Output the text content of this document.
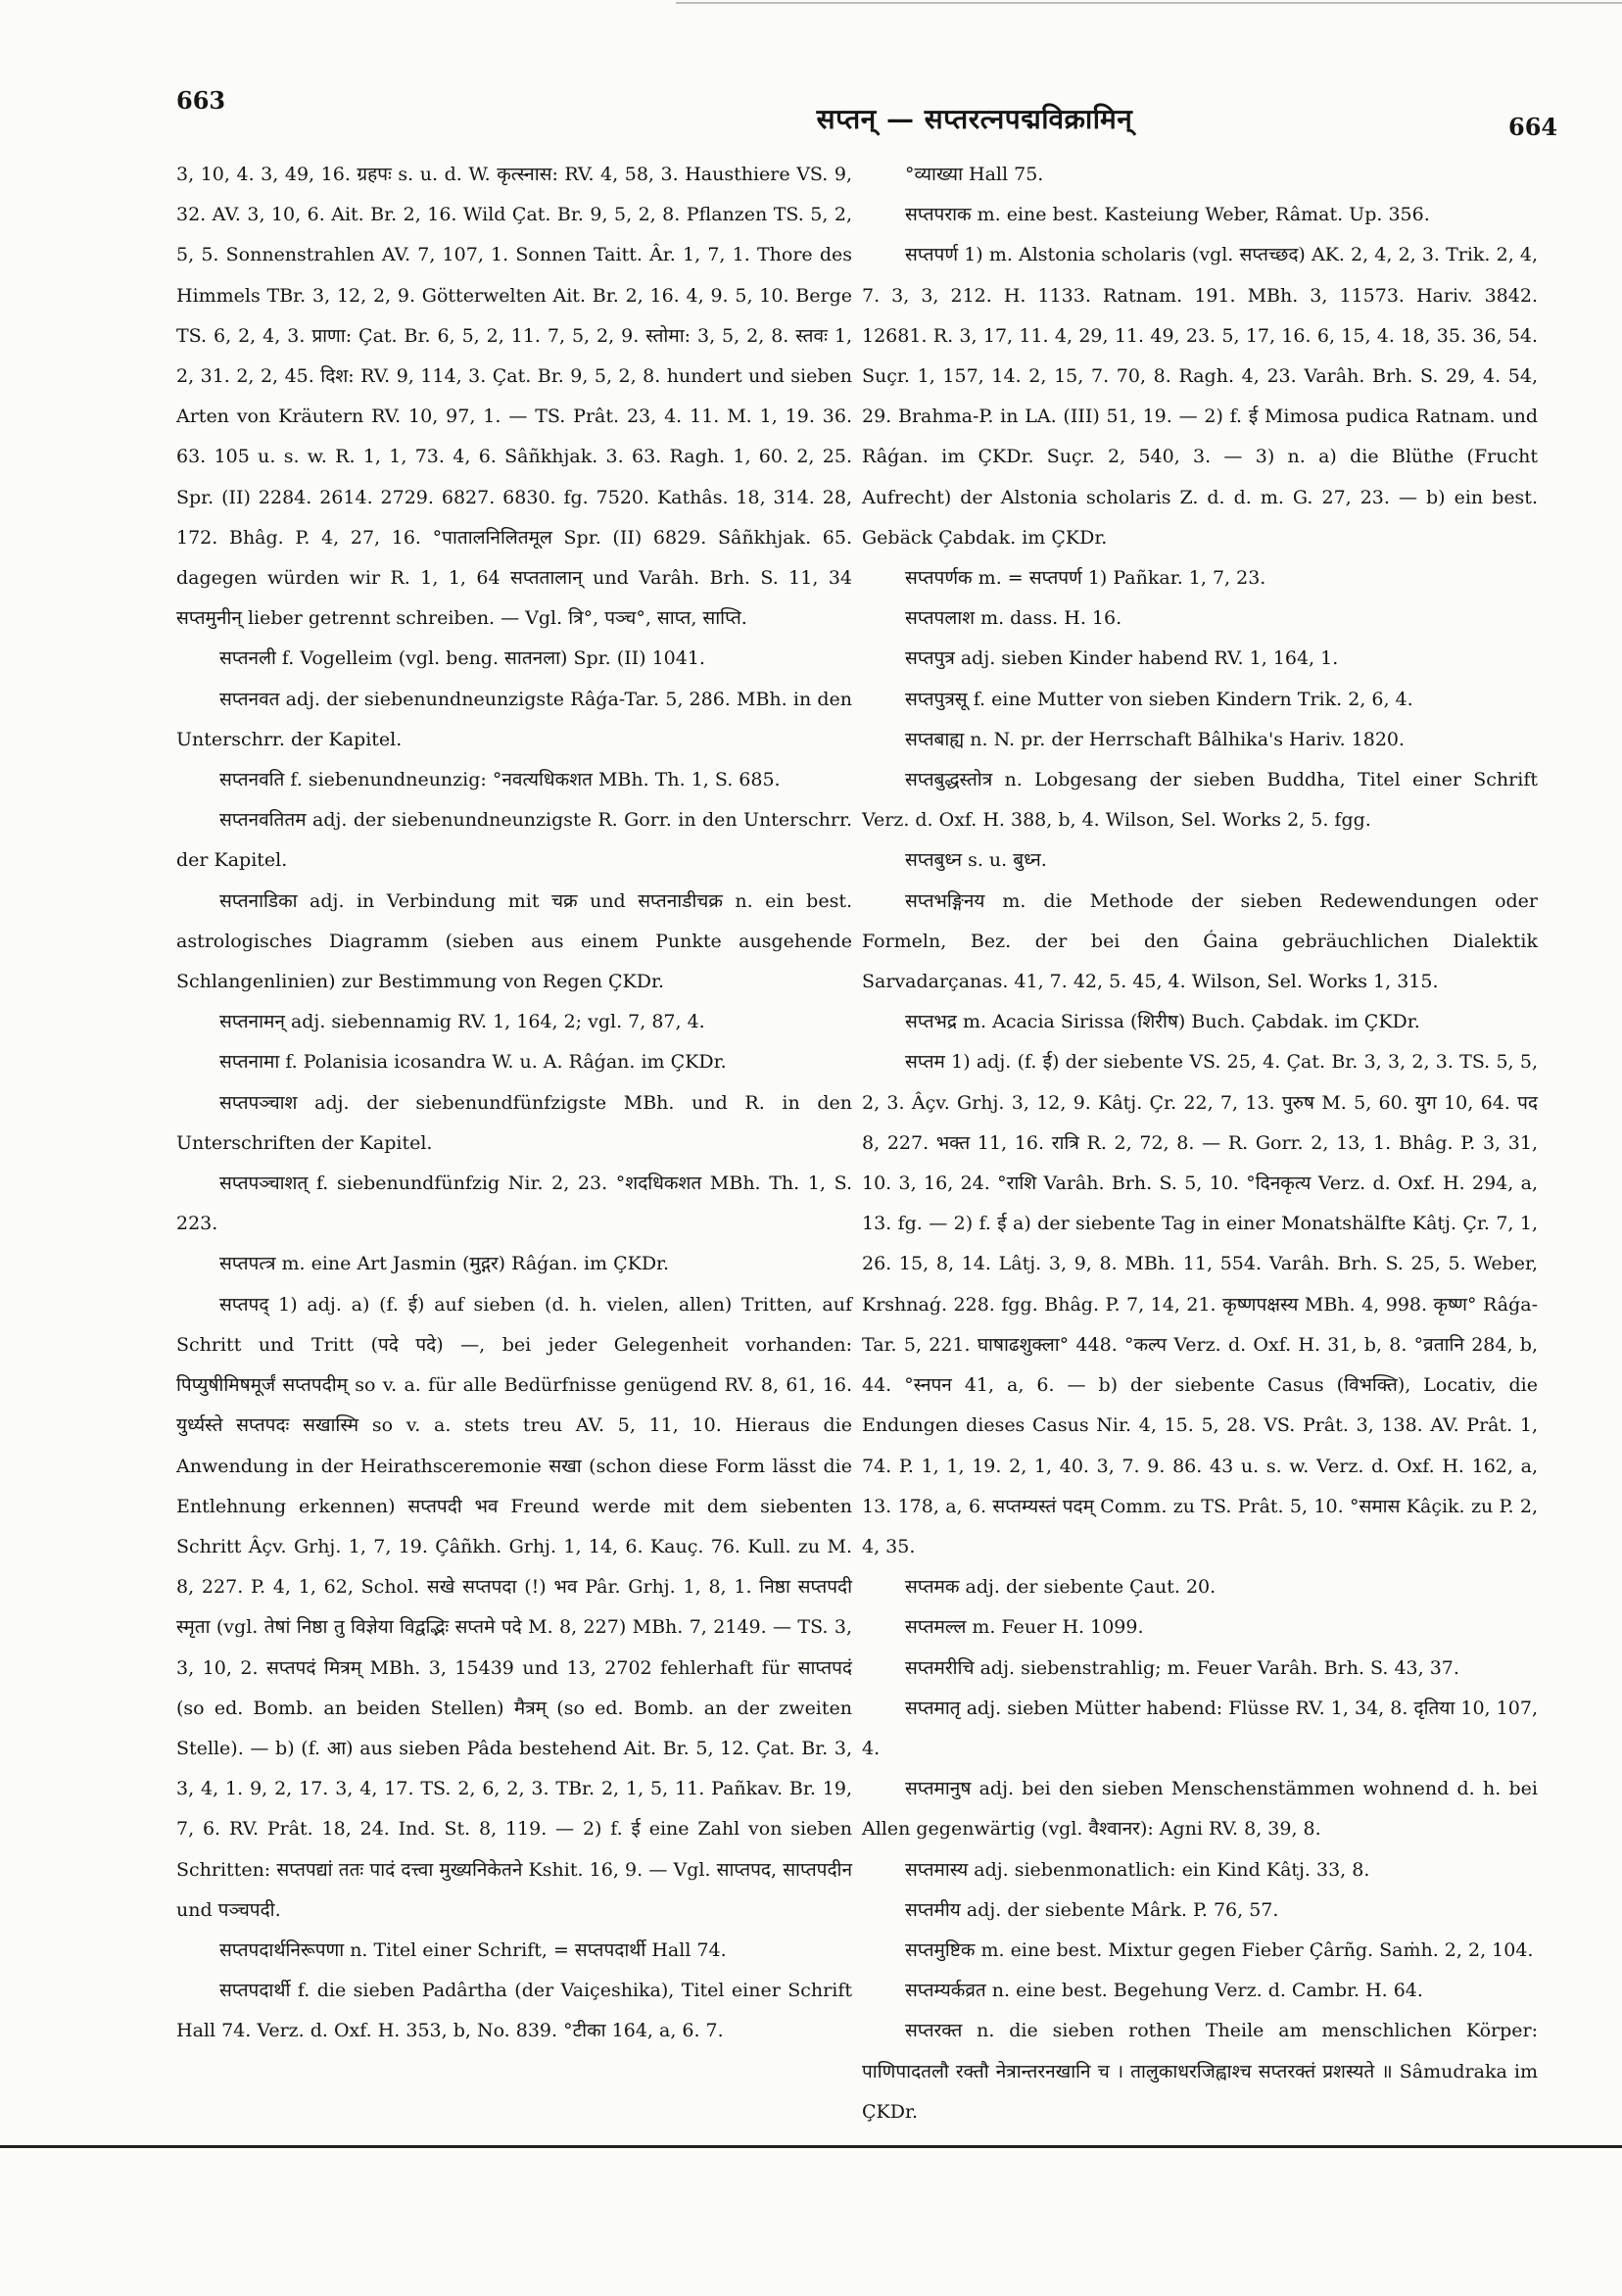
663
सप्तन् — सप्तरत्नपद्मविक्रामिन्	664

3, 10, 4. 3, 49, 16. ग्रहपः s. u. d. W. कृत्स्नास: RV. 4, 58, 3. Hausthiere VS. 9, 32. AV. 3, 10, 6. Ait. Br. 2, 16. Wild Çat. Br. 9, 5, 2, 8. Pflanzen TS. 5, 2, 5, 5. Sonnenstrahlen AV. 7, 107, 1. Sonnen Taitt. Âr. 1, 7, 1. Thore des Himmels TBr. 3, 12, 2, 9. Götterwelten Ait. Br. 2, 16. 4, 9. 5, 10. Berge TS. 6, 2, 4, 3. प्राणा: Çat. Br. 6, 5, 2, 11. 7, 5, 2, 9. स्तोमा: 3, 5, 2, 8. स्तवः 1, 2, 31. 2, 2, 45. दिश: RV. 9, 114, 3. Çat. Br. 9, 5, 2, 8. hundert und sieben Arten von Kräutern RV. 10, 97, 1. — TS. Prât. 23, 4. 11. M. 1, 19. 36. 63. 105 u. s. w. R. 1, 1, 73. 4, 6. Sâñkhjak. 3. 63. Ragh. 1, 60. 2, 25. Spr. (II) 2284. 2614. 2729. 6827. 6830. fg. 7520. Kathâs. 18, 314. 28, 172. Bhâg. P. 4, 27, 16. °पातालनिलितमूल Spr. (II) 6829. Sâñkhjak. 65. dagegen würden wir R. 1, 1, 64 सप्ततालान् und Varâh. Brh. S. 11, 34 सप्तमुनीन् lieber getrennt schreiben. — Vgl. त्रि°, पञ्च°, साप्त, साप्ति.

सप्तनली f. Vogelleim (vgl. beng. सातनला) Spr. (II) 1041.

सप्तनवत adj. der siebenundneunzigste Râǵa-Tar. 5, 286. MBh. in den Unterschrr. der Kapitel.

सप्तनवति f. siebenundneunzig: °नवत्यधिकशत MBh. Th. 1, S. 685.

सप्तनवतितम adj. der siebenundneunzigste R. Gorr. in den Unterschrr. der Kapitel.

सप्तनाडिका adj. in Verbindung mit चक्र und सप्तनाडीचक्र n. ein best. astrologisches Diagramm (sieben aus einem Punkte ausgehende Schlangenlinien) zur Bestimmung von Regen ÇKDr.

सप्तनामन् adj. siebennamig RV. 1, 164, 2; vgl. 7, 87, 4.

सप्तनामा f. Polanisia icosandra W. u. A. Râǵan. im ÇKDr.

सप्तपञ्चाश adj. der siebenundfünfzigste MBh. und R. in den Unterschriften der Kapitel.

सप्तपञ्चाशत् f. siebenundfünfzig Nir. 2, 23. °शदधिकशत MBh. Th. 1, S. 223.

सप्तपत्त्र m. eine Art Jasmin (मुद्गर) Râǵan. im ÇKDr.

सप्तपद् 1) adj. a) (f. ई) auf sieben (d. h. vielen, allen) Tritten, auf Schritt und Tritt (पदे पदे) —, bei jeder Gelegenheit vorhanden: पिप्युषीमिषमूर्जं सप्तपदीम् so v. a. für alle Bedürfnisse genügend RV. 8, 61, 16. युर्ध्यस्ते सप्तपदः सखास्मि so v. a. stets treu AV. 5, 11, 10. Hieraus die Anwendung in der Heirathsceremonie सखा (schon diese Form lässt die Entlehnung erkennen) सप्तपदी भव Freund werde mit dem siebenten Schritt Âçv. Grhj. 1, 7, 19. Çâñkh. Grhj. 1, 14, 6. Kauç. 76. Kull. zu M. 8, 227. P. 4, 1, 62, Schol. सखे सप्तपदा (!) भव Pâr. Grhj. 1, 8, 1. निष्ठा सप्तपदी स्मृता (vgl. तेषां निष्ठा तु विज्ञेया विद्वद्भिः सप्तमे पदे M. 8, 227) MBh. 7, 2149. — TS. 3, 3, 10, 2. सप्तपदं मित्रम् MBh. 3, 15439 und 13, 2702 fehlerhaft für साप्तपदं (so ed. Bomb. an beiden Stellen) मैत्रम् (so ed. Bomb. an der zweiten Stelle). — b) (f. आ) aus sieben Pâda bestehend Ait. Br. 5, 12. Çat. Br. 3, 3, 4, 1. 9, 2, 17. 3, 4, 17. TS. 2, 6, 2, 3. TBr. 2, 1, 5, 11. Pañkav. Br. 19, 7, 6. RV. Prât. 18, 24. Ind. St. 8, 119. — 2) f. ई eine Zahl von sieben Schritten: सप्तपद्यां ततः पादं दत्त्वा मुख्यनिकेतने Kshit. 16, 9. — Vgl. साप्तपद, साप्तपदीन und पञ्चपदी.

सप्तपदार्थनिरूपणा n. Titel einer Schrift, = सप्तपदार्थी Hall 74.

सप्तपदार्थी f. die sieben Padârtha (der Vaiçeshika), Titel einer Schrift Hall 74. Verz. d. Oxf. H. 353, b, No. 839. °टीका 164, a, 6. 7.

°व्याख्या Hall 75.

सप्तपराक m. eine best. Kasteiung Weber, Râmat. Up. 356.

सप्तपर्ण 1) m. Alstonia scholaris (vgl. सप्तच्छद) AK. 2, 4, 2, 3. Trik. 2, 4, 7. 3, 3, 212. H. 1133. Ratnam. 191. MBh. 3, 11573. Hariv. 3842. 12681. R. 3, 17, 11. 4, 29, 11. 49, 23. 5, 17, 16. 6, 15, 4. 18, 35. 36, 54. Suçr. 1, 157, 14. 2, 15, 7. 70, 8. Ragh. 4, 23. Varâh. Brh. S. 29, 4. 54, 29. Brahma-P. in LA. (III) 51, 19. — 2) f. ई Mimosa pudica Ratnam. und Râǵan. im ÇKDr. Suçr. 2, 540, 3. — 3) n. a) die Blüthe (Frucht Aufrecht) der Alstonia scholaris Z. d. d. m. G. 27, 23. — b) ein best. Gebäck Çabdak. im ÇKDr.

सप्तपर्णक m. = सप्तपर्ण 1) Pañkar. 1, 7, 23.

सप्तपलाश m. dass. H. 16.

सप्तपुत्र adj. sieben Kinder habend RV. 1, 164, 1.

सप्तपुत्रसू f. eine Mutter von sieben Kindern Trik. 2, 6, 4.

सप्तबाह्य n. N. pr. der Herrschaft Bâlhika's Hariv. 1820.

सप्तबुद्धस्तोत्र n. Lobgesang der sieben Buddha, Titel einer Schrift Verz. d. Oxf. H. 388, b, 4. Wilson, Sel. Works 2, 5. fgg.

सप्तबुध्न s. u. बुध्न.

सप्तभङ्गिनय m. die Methode der sieben Redewendungen oder Formeln, Bez. der bei den Ǵaina gebräuchlichen Dialektik Sarvadarçanas. 41, 7. 42, 5. 45, 4. Wilson, Sel. Works 1, 315.

सप्तभद्र m. Acacia Sirissa (शिरीष) Buch. Çabdak. im ÇKDr.

सप्तम 1) adj. (f. ई) der siebente VS. 25, 4. Çat. Br. 3, 3, 2, 3. TS. 5, 5, 2, 3. Âçv. Grhj. 3, 12, 9. Kâtj. Çr. 22, 7, 13. पुरुष M. 5, 60. युग 10, 64. पद 8, 227. भक्त 11, 16. रात्रि R. 2, 72, 8. — R. Gorr. 2, 13, 1. Bhâg. P. 3, 31, 10. 3, 16, 24. °राशि Varâh. Brh. S. 5, 10. °दिनकृत्य Verz. d. Oxf. H. 294, a, 13. fg. — 2) f. ई a) der siebente Tag in einer Monatshälfte Kâtj. Çr. 7, 1, 26. 15, 8, 14. Lâtj. 3, 9, 8. MBh. 11, 554. Varâh. Brh. S. 25, 5. Weber, Krshnaǵ. 228. fgg. Bhâg. P. 7, 14, 21. कृष्णपक्षस्य MBh. 4, 998. कृष्ण° Râǵa-Tar. 5, 221. घाषाढशुक्ला° 448. °कल्प Verz. d. Oxf. H. 31, b, 8. °व्रतानि 284, b, 44. °स्नपन 41, a, 6. — b) der siebente Casus (विभक्ति), Locativ, die Endungen dieses Casus Nir. 4, 15. 5, 28. VS. Prât. 3, 138. AV. Prât. 1, 74. P. 1, 1, 19. 2, 1, 40. 3, 7. 9. 86. 43 u. s. w. Verz. d. Oxf. H. 162, a, 13. 178, a, 6. सप्तम्यस्तं पदम् Comm. zu TS. Prât. 5, 10. °समास Kâçik. zu P. 2, 4, 35.

सप्तमक adj. der siebente Çaut. 20.

सप्तमल्ल m. Feuer H. 1099.

सप्तमरीचि adj. siebenstrahlig; m. Feuer Varâh. Brh. S. 43, 37.

सप्तमातृ adj. sieben Mütter habend: Flüsse RV. 1, 34, 8. दृतिया 10, 107, 4.

सप्तमानुष adj. bei den sieben Menschenstämmen wohnend d. h. bei Allen gegenwärtig (vgl. वैश्वानर): Agni RV. 8, 39, 8.

सप्तमास्य adj. siebenmonatlich: ein Kind Kâtj. 33, 8.

सप्तमीय adj. der siebente Mârk. P. 76, 57.

सप्तमुष्टिक m. eine best. Mixtur gegen Fieber Çârñg. Saṁh. 2, 2, 104.

सप्तम्यर्कव्रत n. eine best. Begehung Verz. d. Cambr. H. 64.

सप्तरक्त n. die sieben rothen Theile am menschlichen Körper: पाणिपादतलौ रक्तौ नेत्रान्तरनखानि च । तालुकाधरजिह्वाश्च सप्तरक्तं प्रशस्यते ॥ Sâmudraka im ÇKDr.
